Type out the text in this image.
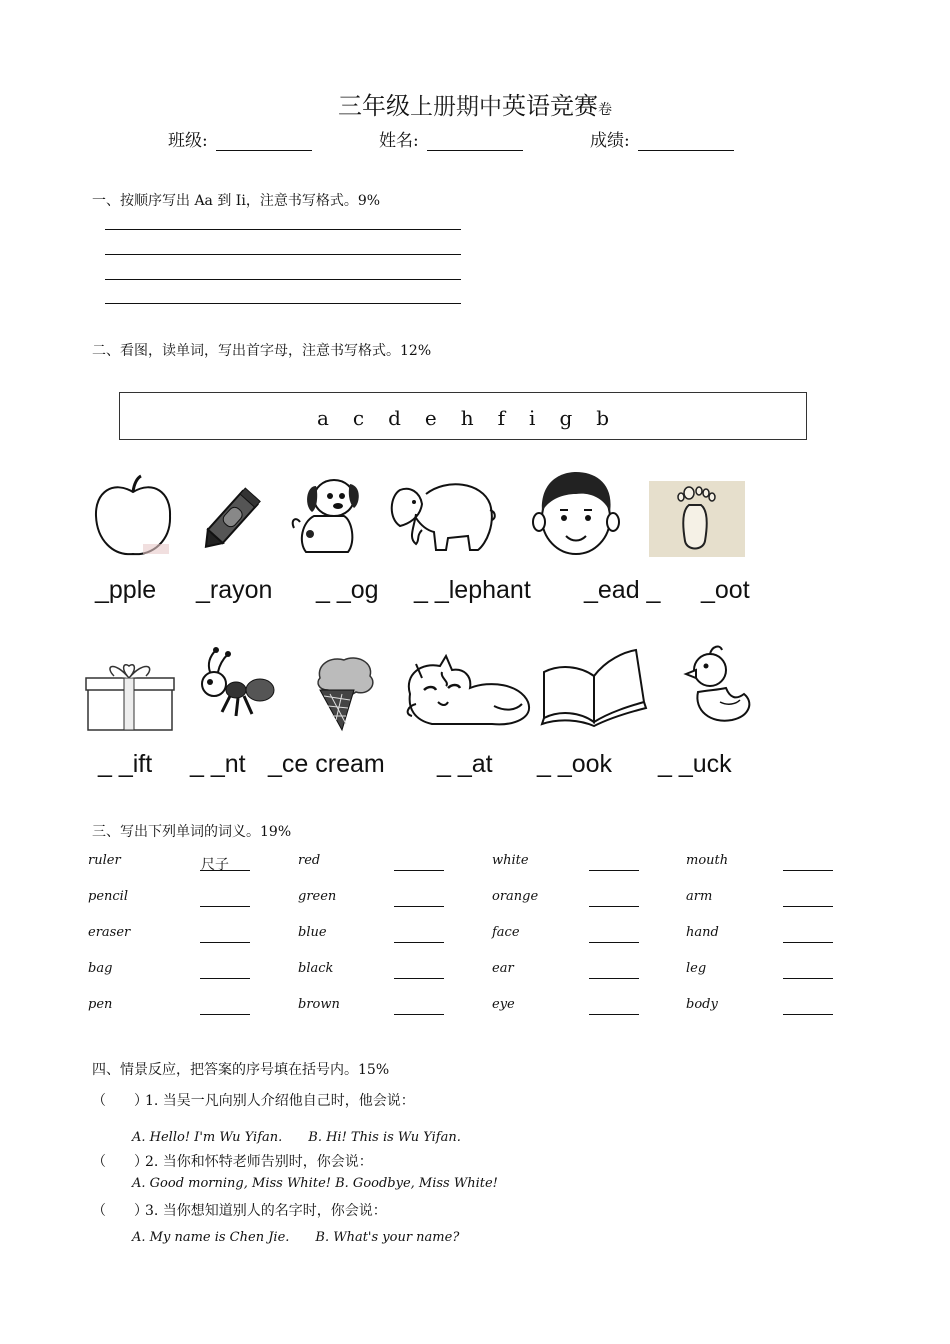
三年级上册期中英语竞赛卷
班级:	姓名:	成绩:
一、按顺序写出 Aa 到 Ii，注意书写格式。9%
二、看图，读单词，写出首字母，注意书写格式。12%
a c d e h f i g b
_pple _rayon _ _og _ _lephant _ead _ _oot
_ _ift _ _nt _ce cream _ _at _ _ook _ _uck
三、写出下列单词的词义。19%
ruler
pencil
eraser
bag
pen
red
green
blue
black
brown
white
orange
face
ear
eye
mouth
arm
hand
leg
body
尺子
四、情景反应，把答案的序号填在括号内。15%
（　　）
1. 当吴一凡向别人介绍他自己时，他会说：
A. Hello! I'm Wu Yifan.　　B. Hi! This is Wu Yifan.
（　　）
2. 当你和怀特老师告别时，你会说：
A. Good morning, Miss White! B. Goodbye, Miss White!
（　　）
3. 当你想知道别人的名字时，你会说：
A. My name is Chen Jie.　　B. What's your name?
